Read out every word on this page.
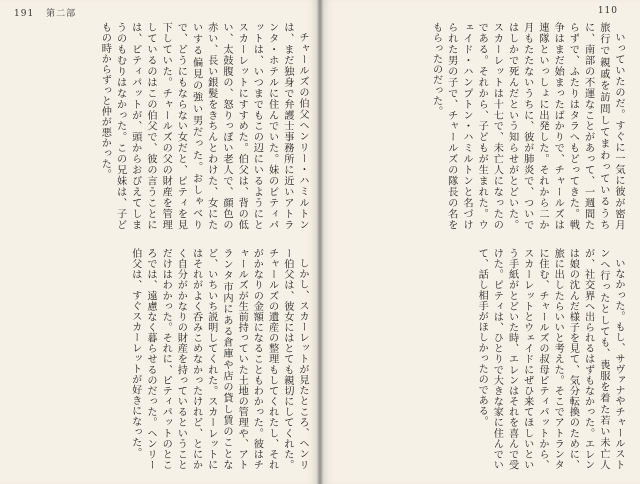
191 第二部	110

チャールズの伯父ヘンリー・ハミルトンは、まだ独身で弁護士事務所に近いアトランタ・ホテルに住んでいた。妹のピティパットは、いつまでもこの辺にいるようにとスカーレットにすすめた。伯父は、背の低い、太鼓腹の、怒りっぽい老人で、顔色の赤い、長い銀髪をきちんとわけた、女にたいする偏見の強い男だった。おしゃべりで、どうにもならない女だと、ピティを見下していた。チャールズの父の財産を管理しているのはこの伯父で、彼の言うことには、ピティパットが、頭からおびえてしまうのもむりはなかった。この兄妹は、子どもの時からずっと仲が悪かった。

しかし、スカーレットが見たところ、ヘンリー伯父は、彼女にはとても親切にしてくれた。チャールズの遺産の整理もしてくれたし、それがかなりの金額になることもわかった。彼はチャールズが生前持っていた土地の管理や、アトランタ市内にある倉庫や店の貸し賃のことなど、いちいち説明してくれた。スカーレットにはそれがよく呑みこめなかったけれど、とにかく自分がかなりの財産を持っているということだけはわかった。それに、ピティパットのところでは、遠慮なく暮らせるのだった。ヘンリー伯父は、すぐスカーレットが好きになった。

いっていたのだ。すぐに一気に彼が密月旅行で親戚を訪問してまわっているうちに、南部の不運なことがあって、一週間たらずで、ふたりはタラへもどってきた。戦争はまだ始まったばかりで、チャールズは連隊といっしょに出発した。それから二か月もたたないうちに、彼が肺炎で、ついではしかで死んだという知らせがとどいた。スカーレットは十七で、未亡人になったのである。それから、子どもが生まれた。ウェイド・ハンプトン・ハミルトンと名づけられた男の子で、チャールズの隊長の名をもらったのだった。

いなかった。もし、サヴァナやチャールストンへ行ったとしても、喪服を着た若い未亡人が、社交界へ出られるはずもなかった。エレンは娘の沈んだ様子を見て、気分転換のために、旅に出したらいいと考えた。そこでアトランタに住む、チャールズの叔母ピティパットから、スカーレットとウェイドにぜひ来てほしいという手紙がとどいた時、エレンはそれを喜んで受けた。ピティは、ひとりで大きな家に住んでいて、話し相手がほしかったのである。
